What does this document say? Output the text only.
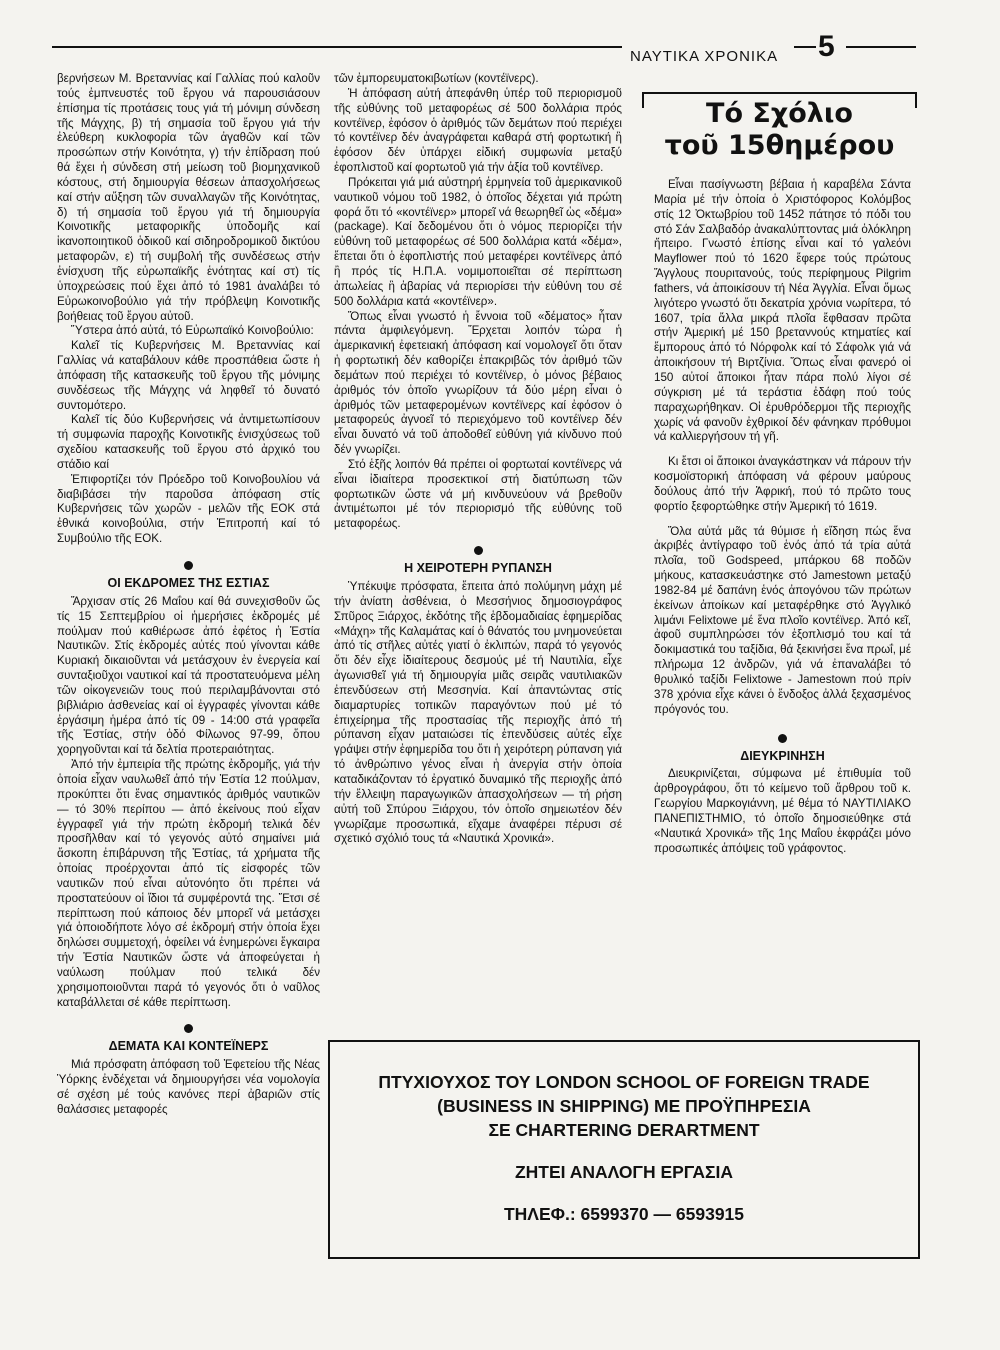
ΝΑΥΤΙΚΑ ΧΡΟΝΙΚΑ 5

βερνήσεων Μ. Βρεταννίας καί Γαλλίας πού καλοῦν τούς ἐμπνευστές τοῦ ἔργου νά παρουσιάσουν ἐπίσημα τίς προτάσεις τους γιά τή μόνιμη σύνδεση τῆς Μάγχης, β) τή σημασία τοῦ ἔργου γιά τήν ἐλεύθερη κυκλοφορία τῶν ἀγαθῶν καί τῶν προσώπων στήν Κοινότητα, γ) τήν ἐπίδραση πού θά ἔχει ἡ σύνδεση στή μείωση τοῦ βιομηχανικοῦ κόστους, στή δημιουργία θέσεων ἀπασχολήσεως καί στήν αὔξηση τῶν συναλλαγῶν τῆς Κοινότητας, δ) τή σημασία τοῦ ἔργου γιά τή δημιουργία Κοινοτικῆς μεταφορικῆς ὑποδομῆς καί ἱκανοποιητικοῦ ὁδικοῦ καί σιδηροδρομικοῦ δικτύου μεταφορῶν, ε) τή συμβολή τῆς συνδέσεως στήν ἐνίσχυση τῆς εὐρωπαϊκῆς ἑνότητας καί στ) τίς ὑποχρεώσεις πού ἔχει ἀπό τό 1981 ἀναλάβει τό Εὐρωκοινοβούλιο γιά τήν πρόβλεψη Κοινοτικῆς βοήθειας τοῦ ἔργου αὐτοῦ.

Ὕστερα ἀπό αὐτά, τό Εὐρωπαϊκό Κοινοβούλιο:

Καλεῖ τίς Κυβερνήσεις Μ. Βρεταννίας καί Γαλλίας νά καταβάλουν κάθε προσπάθεια ὥστε ἡ ἀπόφαση τῆς κατασκευῆς τοῦ ἔργου τῆς μόνιμης συνδέσεως τῆς Μάγχης νά ληφθεῖ τό δυνατό συντομότερο.

Καλεῖ τίς δύο Κυβερνήσεις νά ἀντιμετωπίσουν τή συμφωνία παροχῆς Κοινοτικῆς ἐνισχύσεως τοῦ σχεδίου κατασκευῆς τοῦ ἔργου στό ἀρχικό του στάδιο καί

Ἐπιφορτίζει τόν Πρόεδρο τοῦ Κοινοβουλίου νά διαβιβάσει τήν παροῦσα ἀπόφαση στίς Κυβερνήσεις τῶν χωρῶν - μελῶν τῆς ΕΟΚ στά ἐθνικά κοινοβούλια, στήν Ἐπιτροπή καί τό Συμβούλιο τῆς ΕΟΚ.

ΟΙ ΕΚΔΡΟΜΕΣ ΤΗΣ ΕΣΤΙΑΣ

Ἄρχισαν στίς 26 Μαΐου καί θά συνεχισθοῦν ὥς τίς 15 Σεπτεμβρίου οἱ ἡμερήσιες ἐκδρομές μέ πούλμαν πού καθιέρωσε ἀπό ἐφέτος ἡ Ἑστία Ναυτικῶν. Στίς ἐκδρομές αὐτές πού γίνονται κάθε Κυριακή δικαιοῦνται νά μετάσχουν ἐν ἐνεργεία καί συνταξιοῦχοι ναυτικοί καί τά προστατευόμενα μέλη τῶν οἰκογενειῶν τους πού περιλαμβάνονται στό βιβλιάριο ἀσθενείας καί οἱ ἐγγραφές γίνονται κάθε ἐργάσιμη ἡμέρα ἀπό τίς 09 - 14:00 στά γραφεῖα τῆς Ἑστίας, στήν ὁδό Φίλωνος 97-99, ὅπου χορηγοῦνται καί τά δελτία προτεραιότητας.

Ἀπό τήν ἐμπειρία τῆς πρώτης ἐκδρομῆς, γιά τήν ὁποία εἶχαν ναυλωθεῖ ἀπό τήν Ἑστία 12 πούλμαν, προκύπτει ὅτι ἕνας σημαντικός ἀριθμός ναυτικῶν — τό 30% περίπου — ἀπό ἐκείνους πού εἶχαν ἐγγραφεῖ γιά τήν πρώτη ἐκδρομή τελικά δέν προσῆλθαν καί τό γεγονός αὐτό σημαίνει μιά ἄσκοπη ἐπιβάρυνση τῆς Ἑστίας, τά χρήματα τῆς ὁποίας προέρχονται ἀπό τίς εἰσφορές τῶν ναυτικῶν πού εἶναι αὐτονόητο ὅτι πρέπει νά προστατεύουν οἱ ἴδιοι τά συμφέροντά της. Ἔτσι σέ περίπτωση πού κάποιος δέν μπορεῖ νά μετάσχει γιά ὁποιοδήποτε λόγο σέ ἐκδρομή στήν ὁποία ἔχει δηλώσει συμμετοχή, ὀφείλει νά ἐνημερώνει ἔγκαιρα τήν Ἑστία Ναυτικῶν ὥστε νά ἀποφεύγεται ἡ ναύλωση πούλμαν πού τελικά δέν χρησιμοποιοῦνται παρά τό γεγονός ὅτι ὁ ναῦλος καταβάλλεται σέ κάθε περίπτωση.

ΔΕΜΑΤΑ ΚΑΙ ΚΟΝΤΕΪΝΕΡΣ

Μιά πρόσφατη ἀπόφαση τοῦ Ἐφετείου τῆς Νέας Ὑόρκης ἐνδέχεται νά δημιουργήσει νέα νομολογία σέ σχέση μέ τούς κανόνες περί ἀβαριῶν στίς θαλάσσιες μεταφορές

τῶν ἐμπορευματοκιβωτίων (κοντέϊνερς).

Ἡ ἀπόφαση αὐτή ἀπεφάνθη ὑπέρ τοῦ περιορισμοῦ τῆς εὐθύνης τοῦ μεταφορέως σέ 500 δολλάρια πρός κοντέϊνερ, ἐφόσον ὁ ἀριθμός τῶν δεμάτων πού περιέχει τό κοντέϊνερ δέν ἀναγράφεται καθαρά στή φορτωτική ἢ ἐφόσον δέν ὑπάρχει εἰδική συμφωνία μεταξύ ἐφοπλιστοῦ καί φορτωτοῦ γιά τήν ἀξία τοῦ κοντέϊνερ.

Πρόκειται γιά μιά αὐστηρή ἑρμηνεία τοῦ ἀμερικανικοῦ ναυτικοῦ νόμου τοῦ 1982, ὁ ὁποῖος δέχεται γιά πρώτη φορά ὅτι τό «κοντέϊνερ» μπορεῖ νά θεωρηθεῖ ὡς «δέμα» (package). Καί δεδομένου ὅτι ὁ νόμος περιορίζει τήν εὐθύνη τοῦ μεταφορέως σέ 500 δολλάρια κατά «δέμα», ἔπεται ὅτι ὁ ἐφοπλιστής πού μεταφέρει κοντέϊνερς ἀπό ἢ πρός τίς Η.Π.Α. νομιμοποιεῖται σέ περίπτωση ἀπωλείας ἢ ἀβαρίας νά περιορίσει τήν εὐθύνη του σέ 500 δολλάρια κατά «κοντέϊνερ».

Ὅπως εἶναι γνωστό ἡ ἔννοια τοῦ «δέματος» ἦταν πάντα ἀμφιλεγόμενη. Ἔρχεται λοιπόν τώρα ἡ ἀμερικανική ἐφετειακή ἀπόφαση καί νομολογεῖ ὅτι ὅταν ἡ φορτωτική δέν καθορίζει ἐπακριβῶς τόν ἀριθμό τῶν δεμάτων πού περιέχει τό κοντέϊνερ, ὁ μόνος βέβαιος ἀριθμός τόν ὁποῖο γνωρίζουν τά δύο μέρη εἶναι ὁ ἀριθμός τῶν μεταφερομένων κοντέϊνερς καί ἐφόσον ὁ μεταφορεύς ἀγνοεῖ τό περιεχόμενο τοῦ κοντέϊνερ δέν εἶναι δυνατό νά τοῦ ἀποδοθεῖ εὐθύνη γιά κίνδυνο πού δέν γνωρίζει.

Στό ἑξῆς λοιπόν θά πρέπει οἱ φορτωταί κοντέϊνερς νά εἶναι ἰδιαίτερα προσεκτικοί στή διατύπωση τῶν φορτωτικῶν ὥστε νά μή κινδυνεύουν νά βρεθοῦν ἀντιμέτωποι μέ τόν περιορισμό τῆς εὐθύνης τοῦ μεταφορέως.

Η ΧΕΙΡΟΤΕΡΗ ΡΥΠΑΝΣΗ

Ὑπέκυψε πρόσφατα, ἔπειτα ἀπό πολύμηνη μάχη μέ τήν ἀνίατη ἀσθένεια, ὁ Μεσσήνιος δημοσιογράφος Σπῦρος Ξιάρχος, ἐκδότης τῆς ἑβδομαδιαίας ἐφημερίδας «Μάχη» τῆς Καλαμάτας καί ὁ θάνατός του μνημονεύεται ἀπό τίς στῆλες αὐτές γιατί ὁ ἐκλιπών, παρά τό γεγονός ὅτι δέν εἶχε ἰδιαίτερους δεσμούς μέ τή Ναυτιλία, εἶχε ἀγωνισθεῖ γιά τή δημιουργία μιᾶς σειρᾶς ναυτιλιακῶν ἐπενδύσεων στή Μεσσηνία. Καί ἀπαντώντας στίς διαμαρτυρίες τοπικῶν παραγόντων πού μέ τό ἐπιχείρημα τῆς προστασίας τῆς περιοχῆς ἀπό τή ρύπανση εἶχαν ματαιώσει τίς ἐπενδύσεις αὐτές εἶχε γράψει στήν ἐφημερίδα του ὅτι ἡ χειρότερη ρύπανση γιά τό ἀνθρώπινο γένος εἶναι ἡ ἀνεργία στήν ὁποία καταδικάζονταν τό ἐργατικό δυναμικό τῆς περιοχῆς ἀπό τήν ἔλλειψη παραγωγικῶν ἀπασχολήσεων — τή ρήση αὐτή τοῦ Σπύρου Ξιάρχου, τόν ὁποῖο σημειωτέον δέν γνωρίζαμε προσωπικά, εἴχαμε ἀναφέρει πέρυσι σέ σχετικό σχόλιό τους τά «Ναυτικά Χρονικά».

Τό Σχόλιο
τοῦ 15θημέρου

Εἶναι πασίγνωστη βέβαια ἡ καραβέλα Σάντα Μαρία μέ τήν ὁποία ὁ Χριστόφορος Κολόμβος στίς 12 Ὀκτωβρίου τοῦ 1452 πάτησε τό πόδι του στό Σάν Σαλβαδόρ ἀνακαλύπτοντας μιά ὁλόκληρη ἤπειρο. Γνωστό ἐπίσης εἶναι καί τό γαλεόνι Mayflower πού τό 1620 ἔφερε τούς πρώτους Ἄγγλους πουριτανούς, τούς περίφημους Pilgrim fathers, νά ἀποικίσουν τή Νέα Ἀγγλία. Εἶναι ὅμως λιγότερο γνωστό ὅτι δεκατρία χρόνια νωρίτερα, τό 1607, τρία ἄλλα μικρά πλοῖα ἔφθασαν πρῶτα στήν Ἀμερική μέ 150 βρεταννούς κτηματίες καί ἔμπορους ἀπό τό Νόρφολκ καί τό Σάφολκ γιά νά ἀποικήσουν τή Βιρτζίνια. Ὅπως εἶναι φανερό οἱ 150 αὐτοί ἄποικοι ἦταν πάρα πολύ λίγοι σέ σύγκριση μέ τά τεράστια ἐδάφη πού τούς παραχωρήθηκαν. Οἱ ἐρυθρόδερμοι τῆς περιοχῆς χωρίς νά φανοῦν ἐχθρικοί δέν φάνηκαν πρόθυμοι νά καλλιεργήσουν τή γῆ.

Κι ἔτσι οἱ ἄποικοι ἀναγκάστηκαν νά πάρουν τήν κοσμοϊστορική ἀπόφαση νά φέρουν μαύρους δούλους ἀπό τήν Ἀφρική, πού τό πρῶτο τους φορτίο ξεφορτώθηκε στήν Ἀμερική τό 1619.

Ὅλα αὐτά μᾶς τά θύμισε ἡ εἴδηση πώς ἕνα ἀκριβές ἀντίγραφο τοῦ ἑνός ἀπό τά τρία αὐτά πλοῖα, τοῦ Godspeed, μπάρκου 68 ποδῶν μήκους, κατασκευάστηκε στό Jamestown μεταξύ 1982-84 μέ δαπάνη ἑνός ἀπογόνου τῶν πρώτων ἐκείνων ἀποίκων καί μεταφέρθηκε στό Ἀγγλικό λιμάνι Felixtowe μέ ἕνα πλοῖο κοντέϊνερ. Ἀπό κεῖ, ἀφοῦ συμπληρώσει τόν ἐξοπλισμό του καί τά δοκιμαστικά του ταξίδια, θά ξεκινήσει ἕνα πρωΐ, μέ πλήρωμα 12 ἀνδρῶν, γιά νά ἐπαναλάβει τό θρυλικό ταξίδι Felixtowe - Jamestown πού πρίν 378 χρόνια εἶχε κάνει ὁ ἔνδοξος ἀλλά ξεχασμένος πρόγονός του.

ΔΙΕΥΚΡΙΝΗΣΗ

Διευκρινίζεται, σύμφωνα μέ ἐπιθυμία τοῦ ἀρθρογράφου, ὅτι τό κείμενο τοῦ ἄρθρου τοῦ κ. Γεωργίου Μαρκογιάννη, μέ θέμα τό ΝΑΥΤΙΛΙΑΚΟ ΠΑΝΕΠΙΣΤΗΜΙΟ, τό ὁποῖο δημοσιεύθηκε στά «Ναυτικά Χρονικά» τῆς 1ης Μαΐου ἐκφράζει μόνο προσωπικές ἀπόψεις τοῦ γράφοντος.

ΠΤΥΧΙΟΥΧΟΣ ΤΟΥ LONDON SCHOOL OF FOREIGN TRADE
(BUSINESS IN SHIPPING) ΜΕ ΠΡΟΫΠΗΡΕΣΙΑ
ΣΕ CHARTERING DERARTMENT
ΖΗΤΕΙ ΑΝΑΛΟΓΗ ΕΡΓΑΣΙΑ
ΤΗΛΕΦ.: 6599370 — 6593915
